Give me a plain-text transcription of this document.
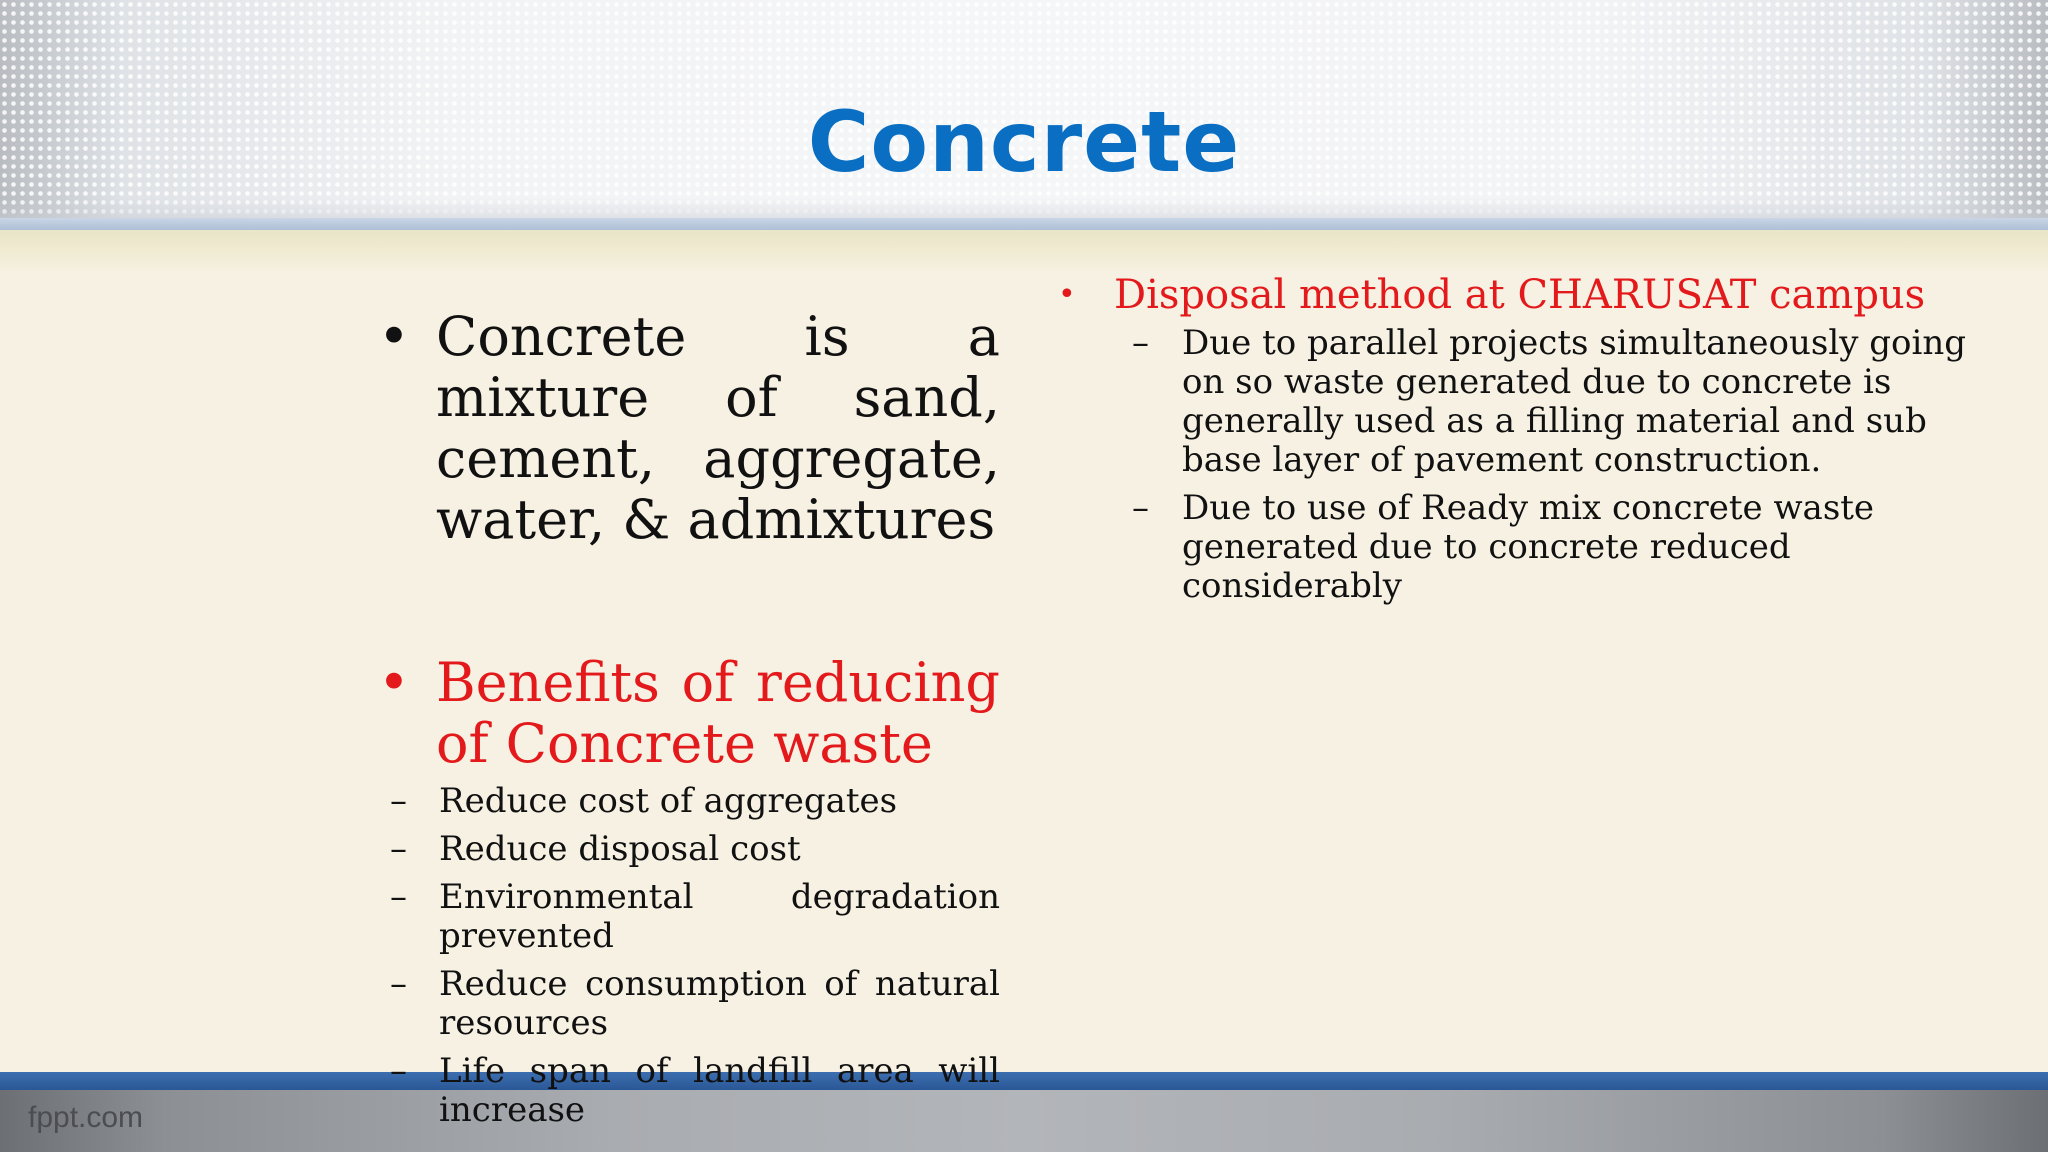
Concrete
• Concrete is a mixture of sand, cement, aggregate, water, & admixtures
• Benefits of reducing of Concrete waste
– Reduce cost of aggregates
– Reduce disposal cost
– Environmental degradation prevented
– Reduce consumption of natural resources
– Life span of landfill area will increase
• Disposal method at CHARUSAT campus
– Due to parallel projects simultaneously going on so waste generated due to concrete is generally used as a filling material and sub base layer of pavement construction.
– Due to use of Ready mix concrete waste generated due to concrete reduced considerably
fppt.com
